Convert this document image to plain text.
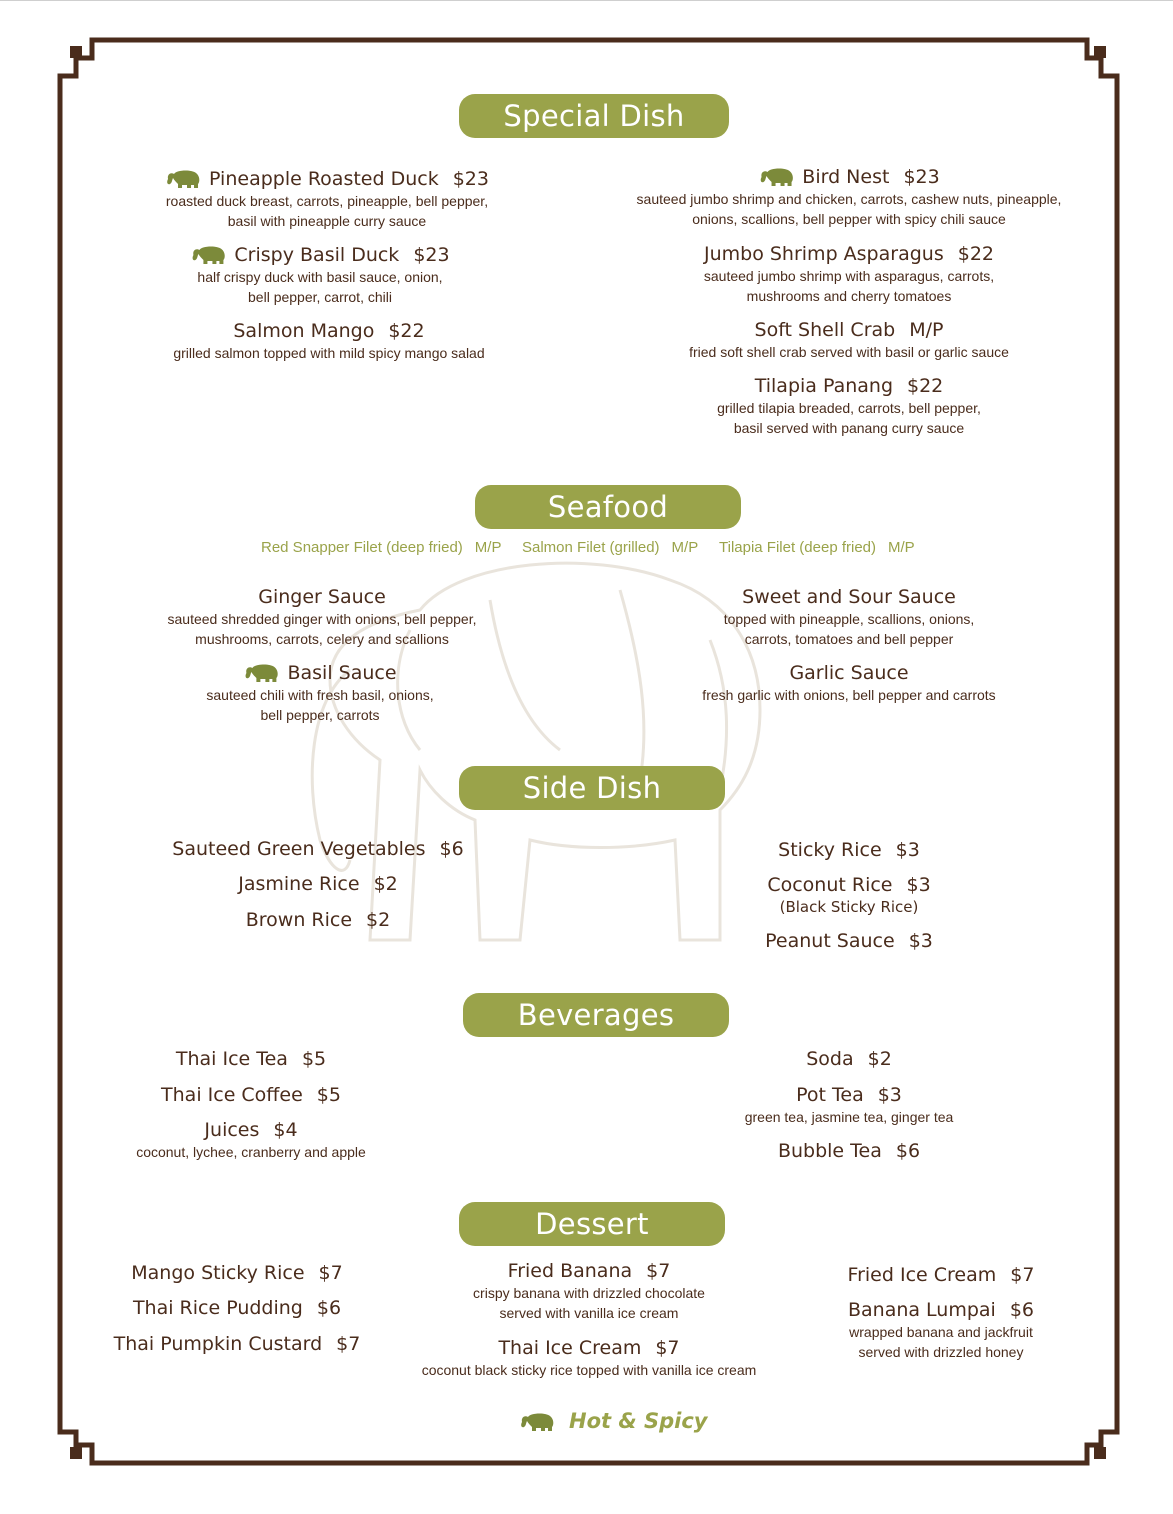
Special Dish
Pineapple Roasted Duck $23
roasted duck breast, carrots, pineapple, bell pepper,
basil with pineapple curry sauce
Crispy Basil Duck $23
half crispy duck with basil sauce, onion,
bell pepper, carrot, chili
Salmon Mango $22
grilled salmon topped with mild spicy mango salad
Bird Nest $23
sauteed jumbo shrimp and chicken, carrots, cashew nuts, pineapple,
onions, scallions, bell pepper with spicy chili sauce
Jumbo Shrimp Asparagus $22
sauteed jumbo shrimp with asparagus, carrots,
mushrooms and cherry tomatoes
Soft Shell Crab M/P
fried soft shell crab served with basil or garlic sauce
Tilapia Panang $22
grilled tilapia breaded, carrots, bell pepper,
basil served with panang curry sauce
Seafood
Red Snapper Filet (deep fried) M/P Salmon Filet (grilled) M/P Tilapia Filet (deep fried) M/P
Ginger Sauce
sauteed shredded ginger with onions, bell pepper,
mushrooms, carrots, celery and scallions
Basil Sauce
sauteed chili with fresh basil, onions,
bell pepper, carrots
Sweet and Sour Sauce
topped with pineapple, scallions, onions,
carrots, tomatoes and bell pepper
Garlic Sauce
fresh garlic with onions, bell pepper and carrots
Side Dish
Sauteed Green Vegetables $6
Jasmine Rice $2
Brown Rice $2
Sticky Rice $3
Coconut Rice $3
(Black Sticky Rice)
Peanut Sauce $3
Beverages
Thai Ice Tea $5
Thai Ice Coffee $5
Juices $4
coconut, lychee, cranberry and apple
Soda $2
Pot Tea $3
green tea, jasmine tea, ginger tea
Bubble Tea $6
Dessert
Mango Sticky Rice $7
Thai Rice Pudding $6
Thai Pumpkin Custard $7
Fried Banana $7
crispy banana with drizzled chocolate
served with vanilla ice cream
Thai Ice Cream $7
coconut black sticky rice topped with vanilla ice cream
Fried Ice Cream $7
Banana Lumpai $6
wrapped banana and jackfruit
served with drizzled honey
Hot & Spicy
